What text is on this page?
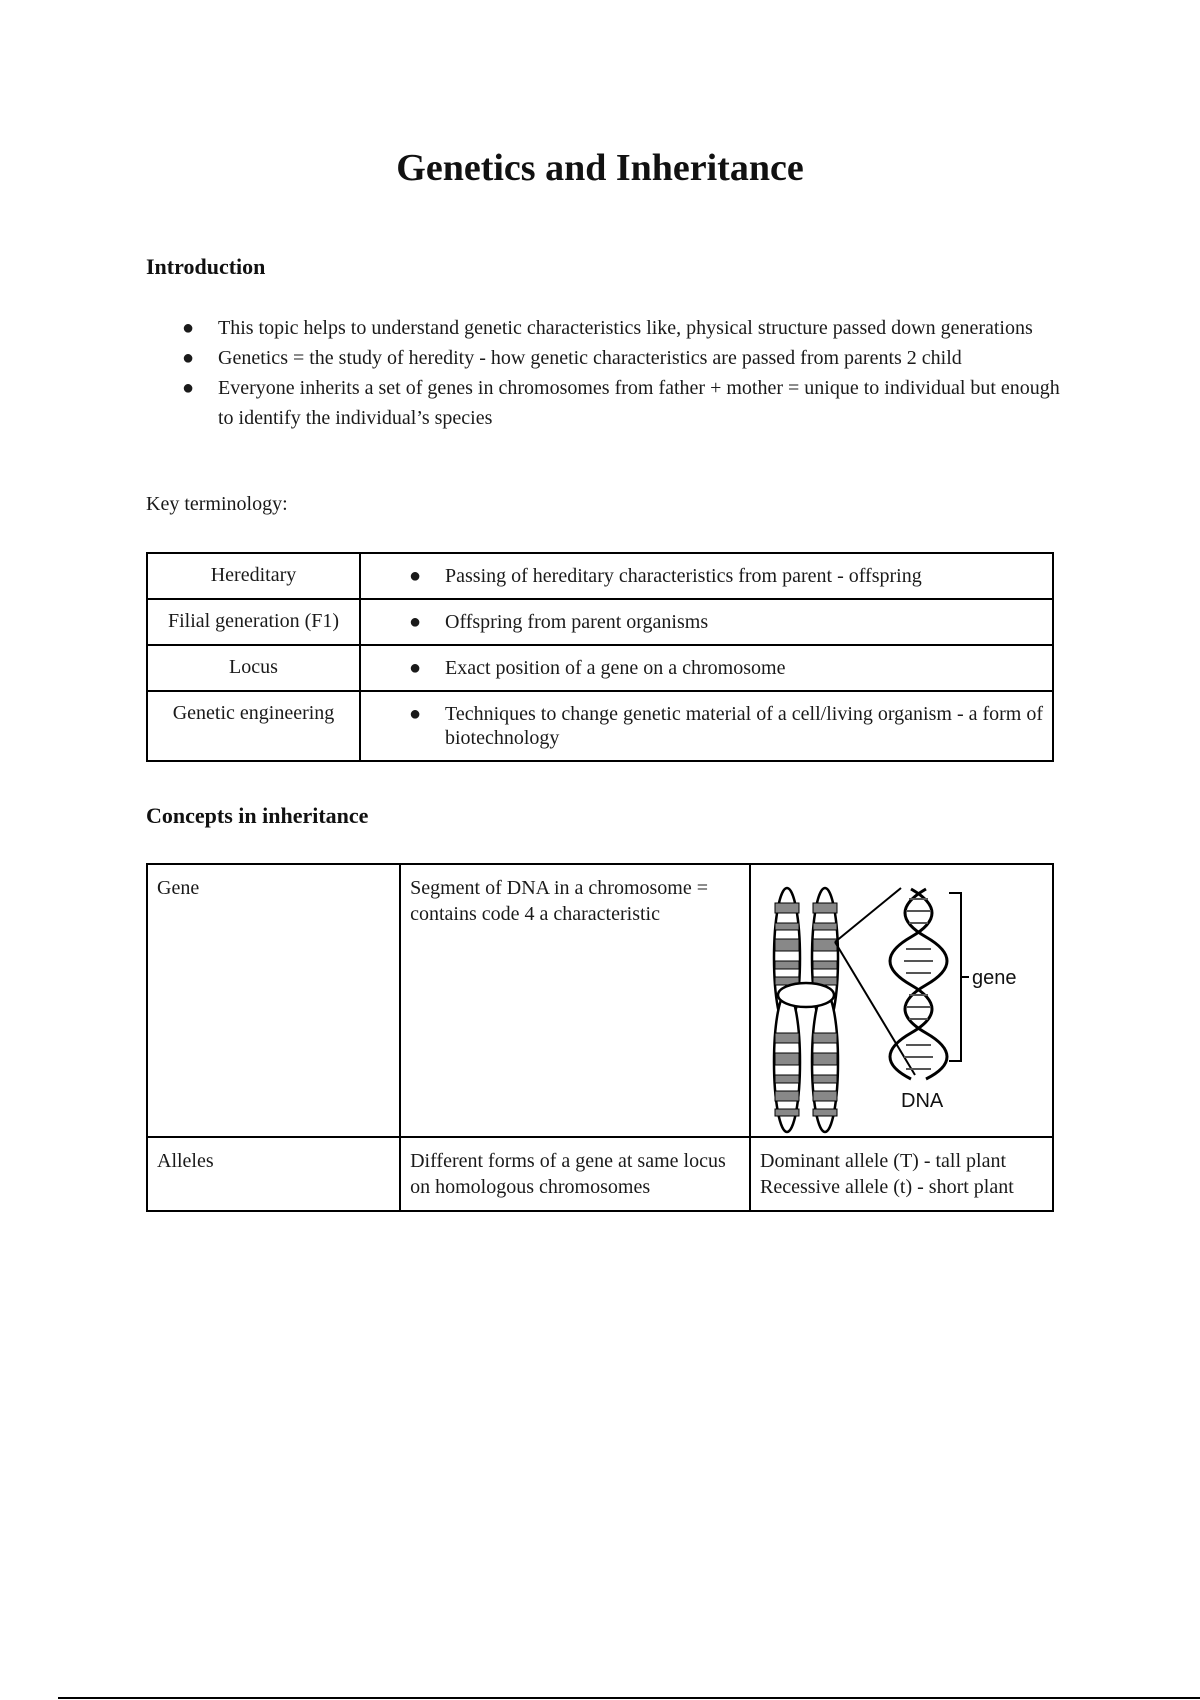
Genetics and Inheritance
Introduction
● This topic helps to understand genetic characteristics like, physical structure passed down generations
● Genetics = the study of heredity - how genetic characteristics are passed from parents 2 child
● Everyone inherits a set of genes in chromosomes from father + mother = unique to individual but enough to identify the individual’s species
Key terminology:
Hereditary	● Passing of hereditary characteristics from parent - offspring

Filial generation (F1)	● Offspring from parent organisms

Locus	● Exact position of a gene on a chromosome

Genetic engineering	● Techniques to change genetic material of a cell/living organism - a form of biotechnology
Concepts in inheritance
Gene	Segment of DNA in a chromosome = contains code 4 a characteristic	gene
DNA

Alleles	Different forms of a gene at same locus on homologous chromosomes	Dominant allele (T) - tall plant
Recessive allele (t) - short plant
